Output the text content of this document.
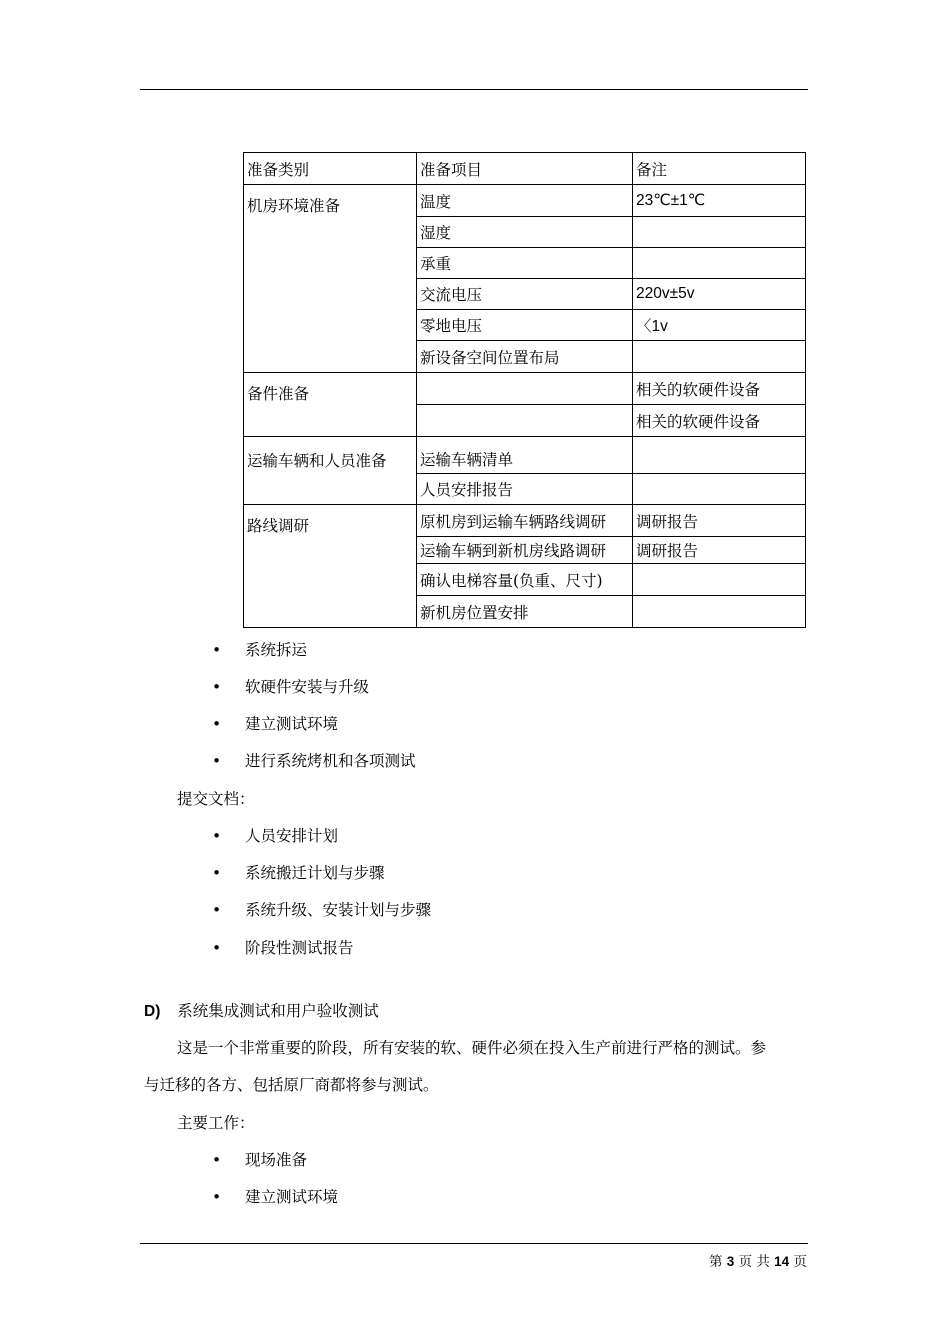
准备类别	准备项目	备注
机房环境准备	温度	23℃±1℃
	湿度	
	承重	
	交流电压	220v±5v
	零地电压	〈1v
	新设备空间位置布局	
备件准备		相关的软硬件设备
		相关的软硬件设备
运输车辆和人员准备	运输车辆清单	
	人员安排报告	
路线调研	原机房到运输车辆路线调研	调研报告
	运输车辆到新机房线路调研	调研报告
	确认电梯容量(负重、尺寸)	
	新机房位置安排	
• 系统拆运
• 软硬件安装与升级
• 建立测试环境
• 进行系统烤机和各项测试
提交文档：
• 人员安排计划
• 系统搬迁计划与步骤
• 系统升级、安装计划与步骤
• 阶段性测试报告
D) 系统集成测试和用户验收测试
这是一个非常重要的阶段，所有安装的软、硬件必须在投入生产前进行严格的测试。参
与迁移的各方、包括原厂商都将参与测试。
主要工作：
• 现场准备
• 建立测试环境
第 3 页 共 14 页
